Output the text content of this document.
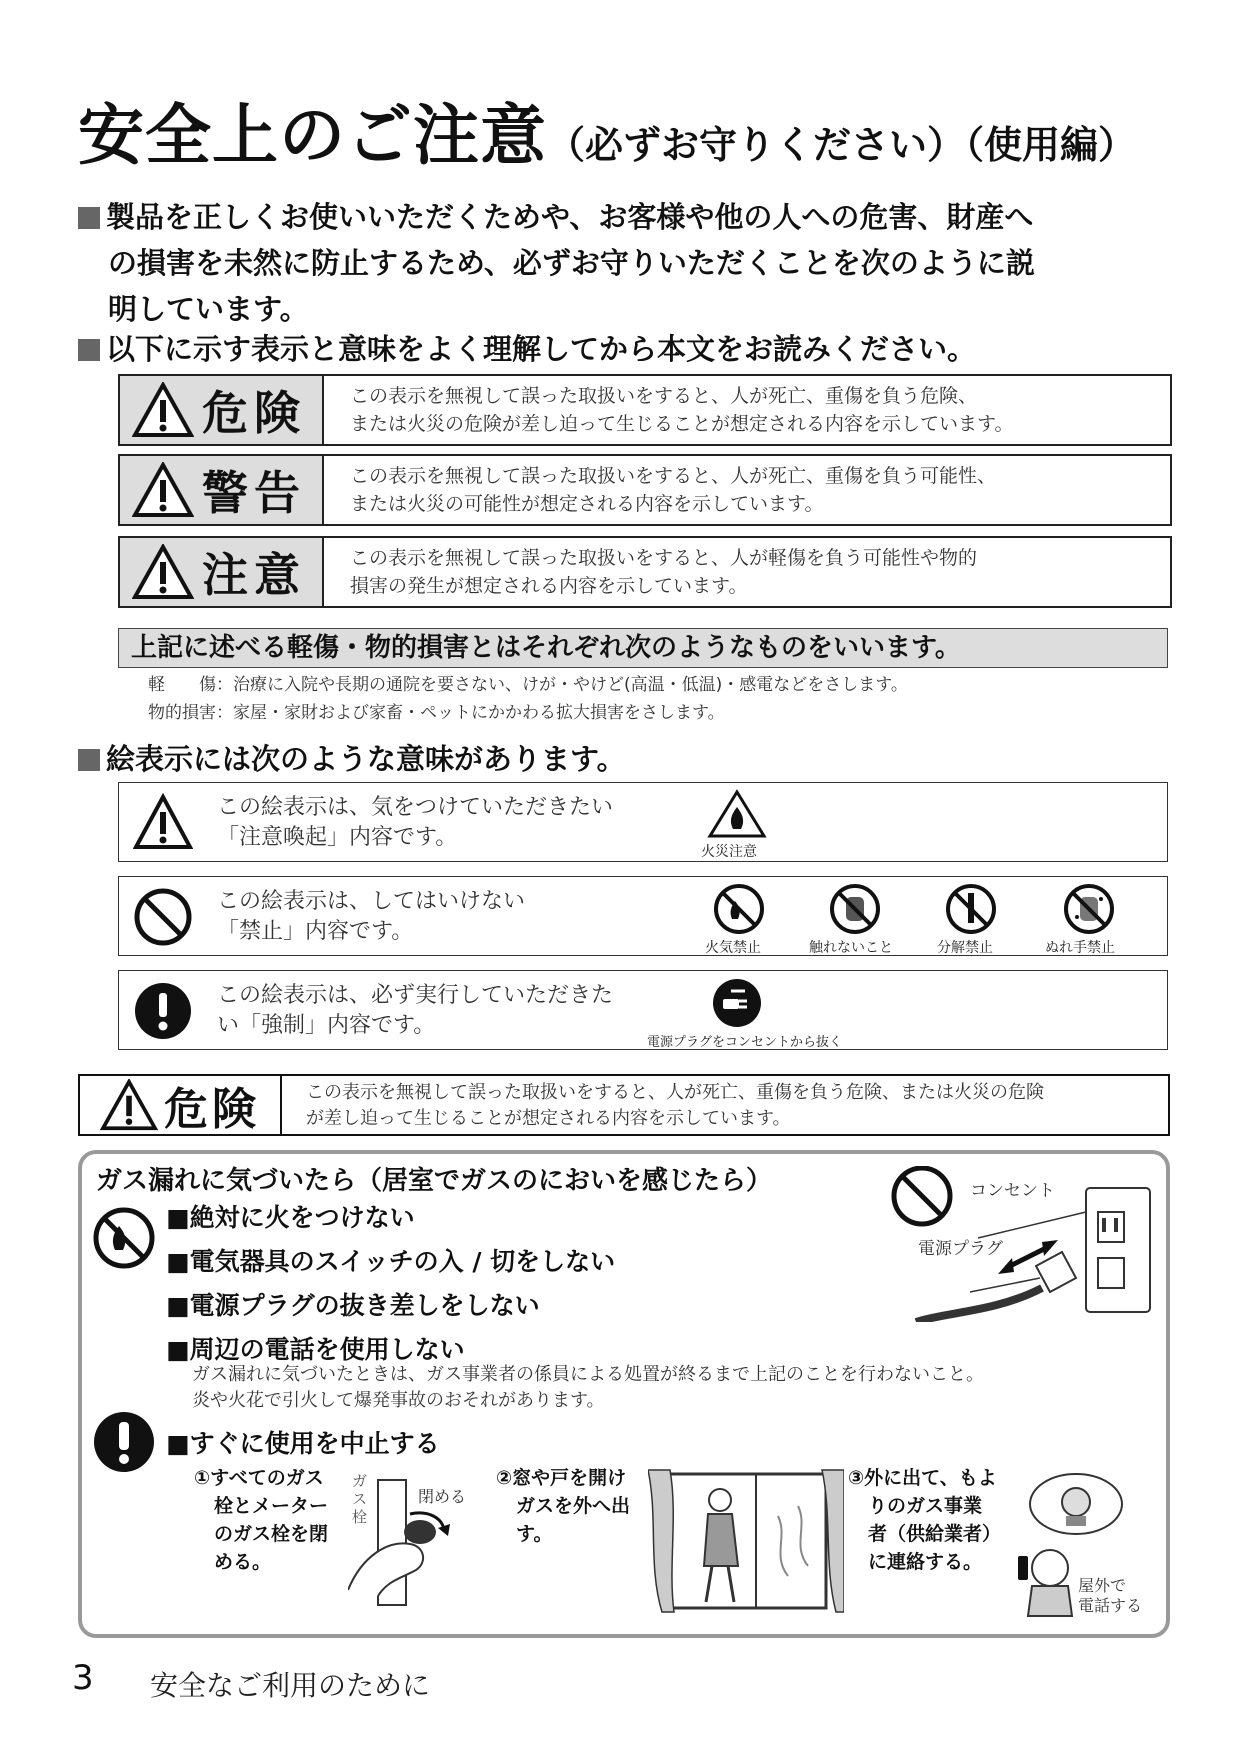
安全上のご注意（必ずお守りください）（使用編）
製品を正しくお使いいただくためや、お客様や他の人への危害、財産へ
の損害を未然に防止するため、必ずお守りいただくことを次のように説
明しています。
以下に示す表示と意味をよく理解してから本文をお読みください。
危険 この表示を無視して誤った取扱いをすると、人が死亡、重傷を負う危険、
または火災の危険が差し迫って生じることが想定される内容を示しています。
警告 この表示を無視して誤った取扱いをすると、人が死亡、重傷を負う可能性、
または火災の可能性が想定される内容を示しています。
注意 この表示を無視して誤った取扱いをすると、人が軽傷を負う可能性や物的
損害の発生が想定される内容を示しています。
上記に述べる軽傷・物的損害とはそれぞれ次のようなものをいいます。
軽　　傷：治療に入院や長期の通院を要さない、けが・やけど(高温・低温)・感電などをさします。
物的損害：家屋・家財および家畜・ペットにかかわる拡大損害をさします。
絵表示には次のような意味があります。
この絵表示は、気をつけていただきたい
「注意喚起」内容です。
火災注意
この絵表示は、してはいけない
「禁止」内容です。
火気禁止	触れないこと	分解禁止	ぬれ手禁止
この絵表示は、必ず実行していただきた
い「強制」内容です。
電源プラグをコンセントから抜く
危険	この表示を無視して誤った取扱いをすると、人が死亡、重傷を負う危険、または火災の危険
が差し迫って生じることが想定される内容を示しています。
ガス漏れに気づいたら（居室でガスのにおいを感じたら）
■絶対に火をつけない
■電気器具のスイッチの入 / 切をしない
■電源プラグの抜き差しをしない
■周辺の電話を使用しない
ガス漏れに気づいたときは、ガス事業者の係員による処置が終るまで上記のことを行わないこと。
炎や火花で引火して爆発事故のおそれがあります。
コンセント
電源プラグ
■すぐに使用を中止する
①すべてのガス
栓とメーター
のガス栓を閉
める。
ガス栓
閉める
②窓や戸を開け
ガスを外へ出
す。
③外に出て、もよ
りのガス事業
者（供給業者）
に連絡する。
屋外で
電話する
3 安全なご利用のために
